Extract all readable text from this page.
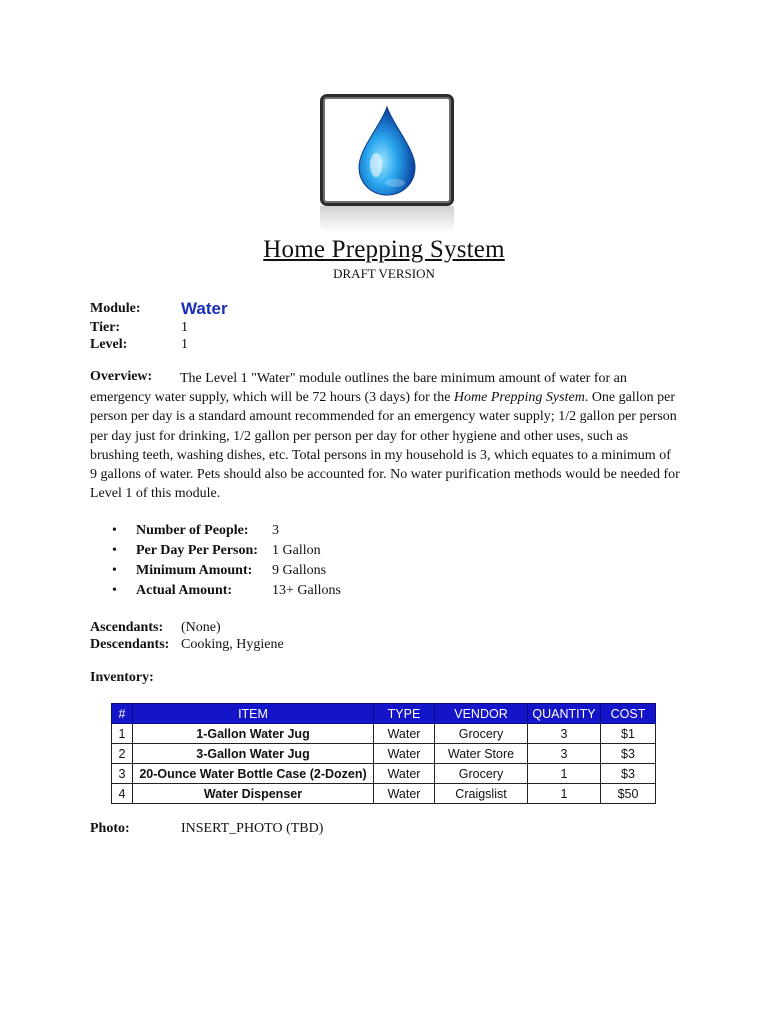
Home Prepping System
DRAFT VERSION
Module: Water
Tier:	1
Level:	1
Overview:	The Level 1 "Water" module outlines the bare minimum amount of water for an emergency water supply, which will be 72 hours (3 days) for the Home Prepping System. One gallon per person per day is a standard amount recommended for an emergency water supply; 1/2 gallon per person per day just for drinking, 1/2 gallon per person per day for other hygiene and other uses, such as brushing teeth, washing dishes, etc. Total persons in my household is 3, which equates to a minimum of 9 gallons of water. Pets should also be accounted for. No water purification methods would be needed for Level 1 of this module.
• Number of People: 3
• Per Day Per Person: 1 Gallon
• Minimum Amount: 9 Gallons
• Actual Amount:	13+ Gallons
Ascendants: (None)
Descendants: Cooking, Hygiene
Inventory:
#	ITEM	TYPE	VENDOR	QUANTITY	COST
1	1-Gallon Water Jug	Water	Grocery	3	$1
2	3-Gallon Water Jug	Water	Water Store	3	$3
3	20-Ounce Water Bottle Case (2-Dozen)	Water	Grocery	1	$3
4	Water Dispenser	Water	Craigslist	1	$50
Photo:	INSERT_PHOTO (TBD)
